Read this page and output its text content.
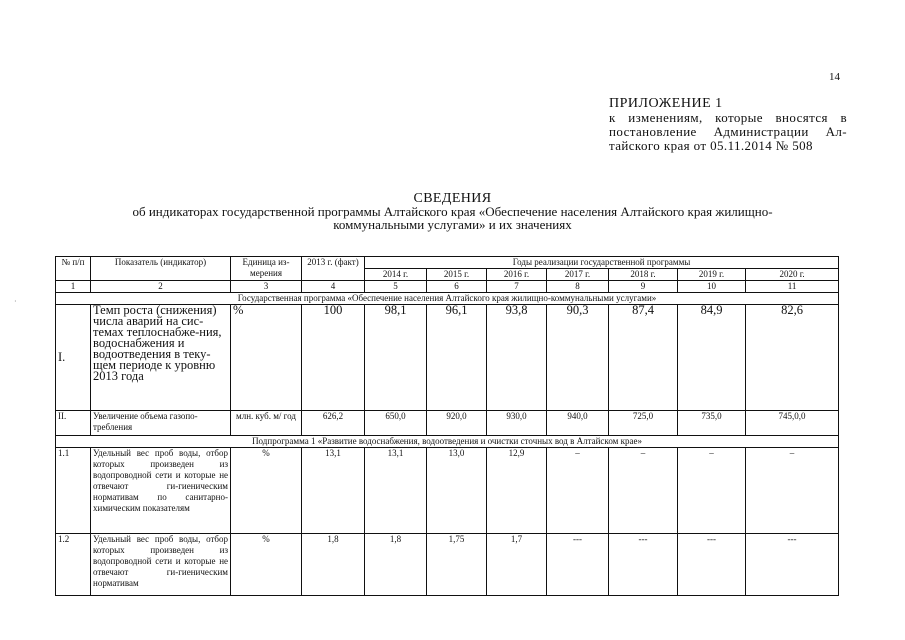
14
ПРИЛОЖЕНИЕ 1
к изменениям, которые вносятся в
постановление Администрации Ал-
тайского края от 05.11.2014 № 508
СВЕДЕНИЯ
об индикаторах государственной программы Алтайского края «Обеспечение населения Алтайского края жилищно-
коммунальными услугами» и их значениях
·
№ п/п	Показатель (индикатор)	Единица из-мерения	2013 г. (факт)	Годы реализации государственной программы						
				2014 г.	2015 г.	2016 г.	2017 г.	2018 г.	2019 г.	2020 г.
1	2	3	4	5	6	7	8	9	10	11
Государственная программа «Обеспечение населения Алтайского края жилищно-коммунальными услугами»										
I.	Темп роста (снижения) числа аварий на сис-темах теплоснабже-ния, водоснабжения и водоотведения в теку-щем периоде к уровню 2013 года	%	100	98,1	96,1	93,8	90,3	87,4	84,9	82,6
II.	Увеличение объема газопо-требления	млн. куб. м/ год	626,2	650,0	920,0	930,0	940,0	725,0	735,0	745,0,0
Подпрограмма 1 «Развитие водоснабжения, водоотведения и очистки сточных вод в Алтайском крае»										
1.1	Удельный вес проб воды, отбор которых произведен из водопроводной сети и которые не отвечают ги-гиеническим нормативам по санитарно-химическим показателям	%	13,1	13,1	13,0	12,9	–	–	–	–
1.2	Удельный вес проб воды, отбор которых произведен из водопроводной сети и которые не отвечают ги-гиеническим нормативам	%	1,8	1,8	1,75	1,7	---	---	---	---
